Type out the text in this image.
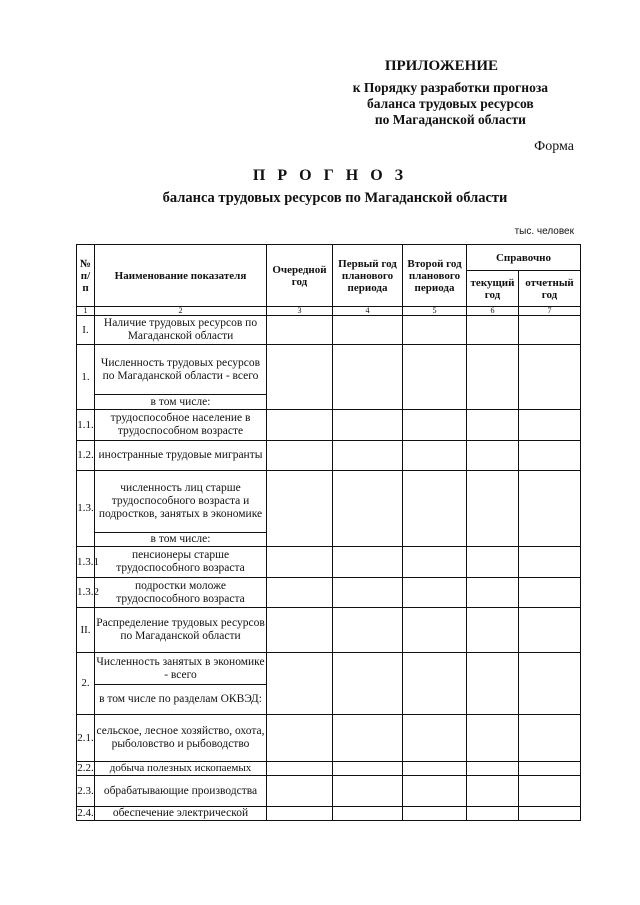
ПРИЛОЖЕНИЕ
к Порядку разработки прогноза
баланса трудовых ресурсов
по Магаданской области
Форма
П Р О Г Н О З
баланса трудовых ресурсов по Магаданской области
тыс. человек
№ п/п	Наименование показателя	Очередной год	Первый год планового периода	Второй год планового периода	Справочно	
					текущий год	отчетный год
1	2	3	4	5	6	7
I.	Наличие трудовых ресурсов по Магаданской области					
1.	Численность трудовых ресурсов по Магаданской области - всего					
	в том числе:					
1.1.	трудоспособное население в трудоспособном возрасте					
1.2.	иностранные трудовые мигранты					
1.3.	численность лиц старше трудоспособного возраста и подростков, занятых в экономике					
	в том числе:					
1.3.1	пенсионеры старше трудоспособного возраста					
1.3.2	подростки моложе трудоспособного возраста					
II.	Распределение трудовых ресурсов по Магаданской области					
2.	Численность занятых в экономике - всего					
	в том числе по разделам ОКВЭД:					
2.1.	сельское, лесное хозяйство, охота, рыболовство и рыбоводство					
2.2.	добыча полезных ископаемых					
2.3.	обрабатывающие производства					
2.4.	обеспечение электрической					
